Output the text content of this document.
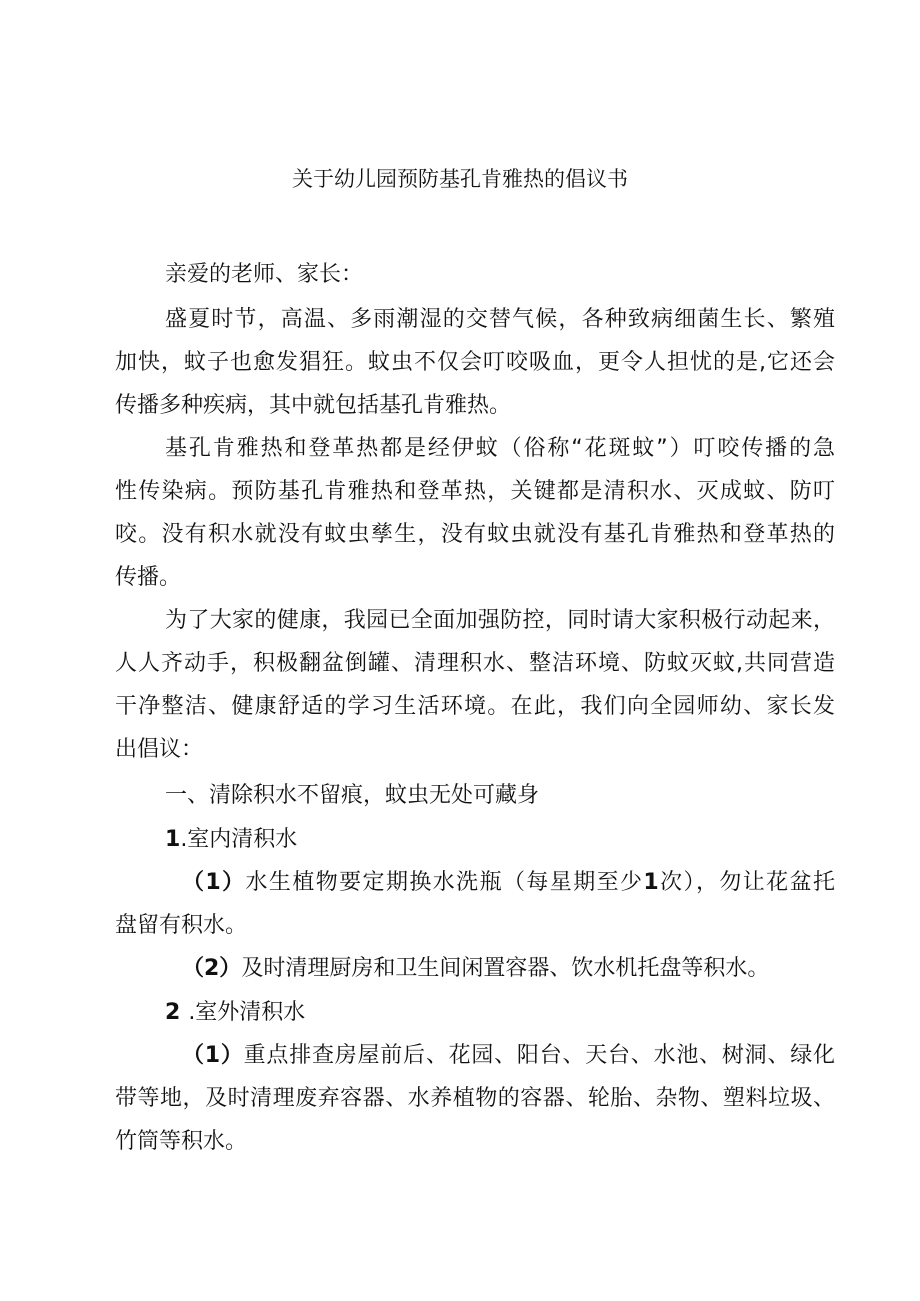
关于幼儿园预防基孔肯雅热的倡议书
亲爱的老师、家长：
盛夏时节，高温、多雨潮湿的交替气候，各种致病细菌生长、繁殖
加快，蚊子也愈发猖狂。蚊虫不仅会叮咬吸血，更令人担忧的是,它还会
传播多种疾病，其中就包括基孔肯雅热。
基孔肯雅热和登革热都是经伊蚊（俗称“花斑蚊”）叮咬传播的急
性传染病。预防基孔肯雅热和登革热，关键都是清积水、灭成蚊、防叮
咬。没有积水就没有蚊虫孳生，没有蚊虫就没有基孔肯雅热和登革热的
传播。
为了大家的健康，我园已全面加强防控，同时请大家积极行动起来，
人人齐动手，积极翻盆倒罐、清理积水、整洁环境、防蚊灭蚊,共同营造
干净整洁、健康舒适的学习生活环境。在此，我们向全园师幼、家长发
出倡议：
一、清除积水不留痕，蚊虫无处可藏身
1.室内清积水
（1）水生植物要定期换水洗瓶（每星期至少1次），勿让花盆托
盘留有积水。
（2）及时清理厨房和卫生间闲置容器、饮水机托盘等积水。
2 .室外清积水
（1）重点排查房屋前后、花园、阳台、天台、水池、树洞、绿化
带等地，及时清理废弃容器、水养植物的容器、轮胎、杂物、塑料垃圾、
竹筒等积水。
